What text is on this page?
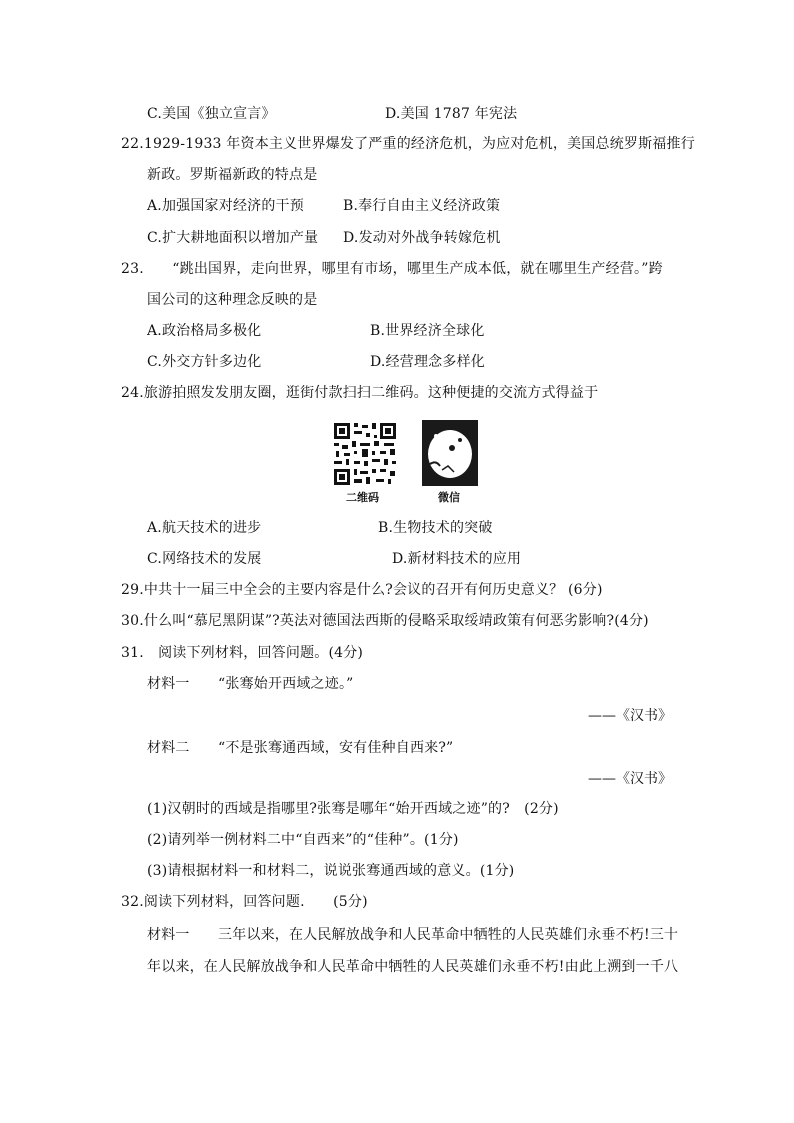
C.美国《独立宣言》	D.美国 1787 年宪法
22.1929-1933 年资本主义世界爆发了严重的经济危机，为应对危机，美国总统罗斯福推行
新政。罗斯福新政的特点是
A.加强国家对经济的干预	B.奉行自由主义经济政策
C.扩大耕地面积以增加产量 D.发动对外战争转嫁危机
23.　　“跳出国界，走向世界，哪里有市场，哪里生产成本低，就在哪里生产经营。”跨
国公司的这种理念反映的是
A.政治格局多极化	B.世界经济全球化
C.外交方针多边化	D.经营理念多样化
24.旅游拍照发发朋友圈，逛街付款扫扫二维码。这种便捷的交流方式得益于
二维码	微信
A.航天技术的进步	B.生物技术的突破
C.网络技术的发展	D.新材料技术的应用
29.中共十一届三中全会的主要内容是什么?会议的召开有何历史意义？ (6分)
30.什么叫“慕尼黑阴谋”?英法对德国法西斯的侵略采取绥靖政策有何恶劣影响?(4分)
31.　阅读下列材料，回答问题。(4分)
材料一　　“张骞始开西域之迹。”
——《汉书》
材料二　　“不是张骞通西域，安有佳种自西来?”
——《汉书》
(1)汉朝时的西域是指哪里?张骞是哪年“始开西域之迹”的?　(2分)
(2)请列举一例材料二中“自西来”的“佳种”。(1分)
(3)请根据材料一和材料二，说说张骞通西域的意义。(1分)
32.阅读下列材料，回答问题.　　(5分)
材料一　　三年以来，在人民解放战争和人民革命中牺牲的人民英雄们永垂不朽!三十
年以来，在人民解放战争和人民革命中牺牲的人民英雄们永垂不朽!由此上溯到一千八
